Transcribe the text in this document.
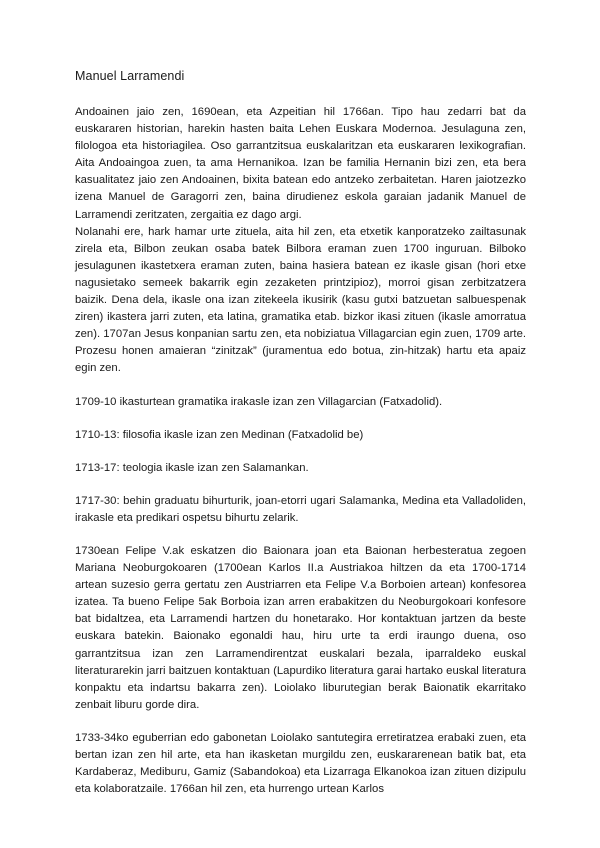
Manuel Larramendi

Andoainen jaio zen, 1690ean, eta Azpeitian hil 1766an. Tipo hau zedarri bat da euskararen historian, harekin hasten baita Lehen Euskara Modernoa. Jesulaguna zen, filologoa eta historiagilea. Oso garrantzitsua euskalaritzan eta euskararen lexikografian. Aita Andoaingoa zuen, ta ama Hernanikoa. Izan be familia Hernanin bizi zen, eta bera kasualitatez jaio zen Andoainen, bixita batean edo antzeko zerbaitetan. Haren jaiotzezko izena Manuel de Garagorri zen, baina dirudienez eskola garaian jadanik Manuel de Larramendi zeritzaten, zergaitia ez dago argi.

Nolanahi ere, hark hamar urte zituela, aita hil zen, eta etxetik kanporatzeko zailtasunak zirela eta, Bilbon zeukan osaba batek Bilbora eraman zuen 1700 inguruan. Bilboko jesulagunen ikastetxera eraman zuten, baina hasiera batean ez ikasle gisan (hori etxe nagusietako semeek bakarrik egin zezaketen printzipioz), morroi gisan zerbitzatzera baizik. Dena dela, ikasle ona izan zitekeela ikusirik (kasu gutxi batzuetan salbuespenak ziren) ikastera jarri zuten, eta latina, gramatika etab. bizkor ikasi zituen (ikasle amorratua zen). 1707an Jesus konpanian sartu zen, eta nobiziatua Villagarcian egin zuen, 1709 arte. Prozesu honen amaieran “zinitzak” (juramentua edo botua, zin-hitzak) hartu eta apaiz egin zen.

1709-10 ikasturtean gramatika irakasle izan zen Villagarcian (Fatxadolid).

1710-13: filosofia ikasle izan zen Medinan (Fatxadolid be)

1713-17: teologia ikasle izan zen Salamankan.

1717-30: behin graduatu bihurturik, joan-etorri ugari Salamanka, Medina eta Valladoliden, irakasle eta predikari ospetsu bihurtu zelarik.

1730ean Felipe V.ak eskatzen dio Baionara joan eta Baionan herbesteratua zegoen Mariana Neoburgokoaren (1700ean Karlos II.a Austriakoa hiltzen da eta 1700-1714 artean suzesio gerra gertatu zen Austriarren eta Felipe V.a Borboien artean) konfesorea izatea. Ta bueno Felipe 5ak Borboia izan arren erabakitzen du Neoburgokoari konfesore bat bidaltzea, eta Larramendi hartzen du honetarako. Hor kontaktuan jartzen da beste euskara batekin. Baionako egonaldi hau, hiru urte ta erdi iraungo duena, oso garrantzitsua izan zen Larramendirentzat euskalari bezala, iparraldeko euskal literaturarekin jarri baitzuen kontaktuan (Lapurdiko literatura garai hartako euskal literatura konpaktu eta indartsu bakarra zen). Loiolako liburutegian berak Baionatik ekarritako zenbait liburu gorde dira.

1733-34ko eguberrian edo gabonetan Loiolako santutegira erretiratzea erabaki zuen, eta bertan izan zen hil arte, eta han ikasketan murgildu zen, euskararenean batik bat, eta Kardaberaz, Mediburu, Gamiz (Sabandokoa) eta Lizarraga Elkanokoa izan zituen dizipulu eta kolaboratzaile. 1766an hil zen, eta hurrengo urtean Karlos
